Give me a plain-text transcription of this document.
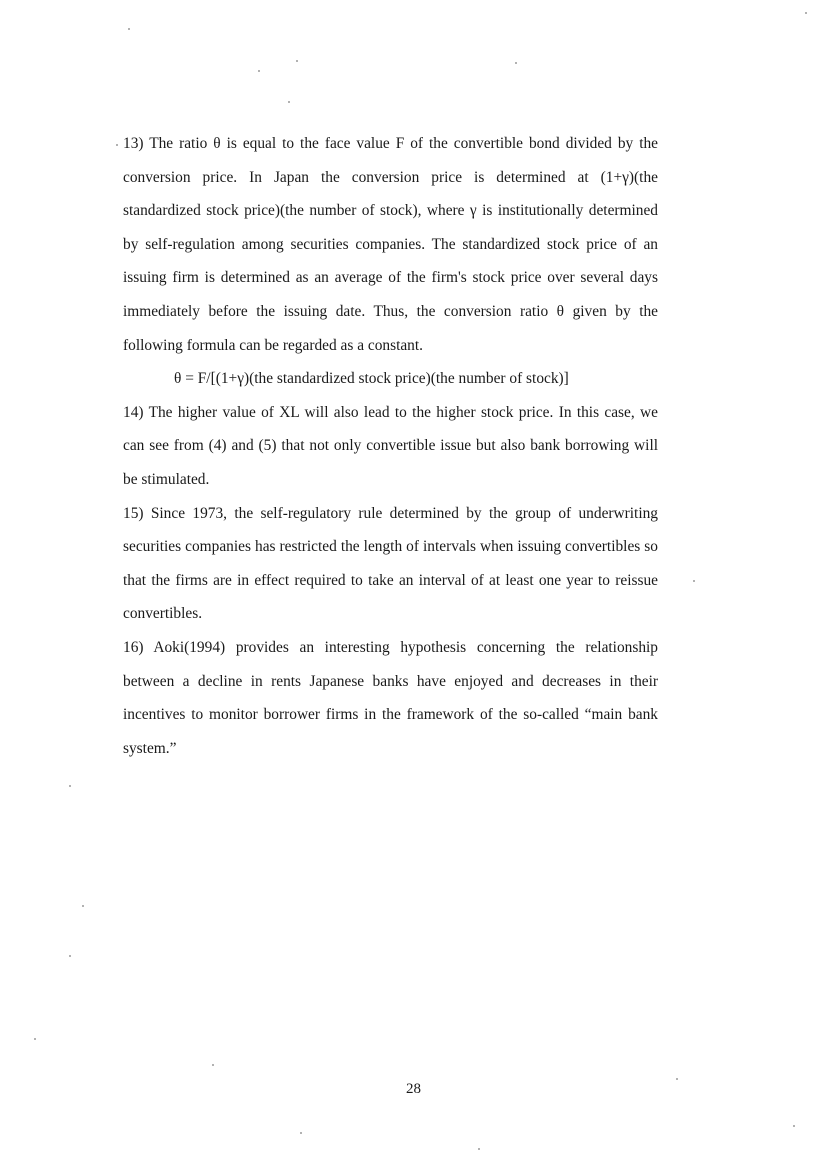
13) The ratio θ is equal to the face value F of the convertible bond divided by the conversion price. In Japan the conversion price is determined at (1+γ)(the standardized stock price)(the number of stock), where γ is institutionally determined by self-regulation among securities companies. The standardized stock price of an issuing firm is determined as an average of the firm's stock price over several days immediately before the issuing date. Thus, the conversion ratio θ given by the following formula can be regarded as a constant.

θ = F/[(1+γ)(the standardized stock price)(the number of stock)]

14) The higher value of XL will also lead to the higher stock price. In this case, we can see from (4) and (5) that not only convertible issue but also bank borrowing will be stimulated.

15) Since 1973, the self-regulatory rule determined by the group of underwriting securities companies has restricted the length of intervals when issuing convertibles so that the firms are in effect required to take an interval of at least one year to reissue convertibles.

16) Aoki(1994) provides an interesting hypothesis concerning the relationship between a decline in rents Japanese banks have enjoyed and decreases in their incentives to monitor borrower firms in the framework of the so-called “main bank system.”

28
